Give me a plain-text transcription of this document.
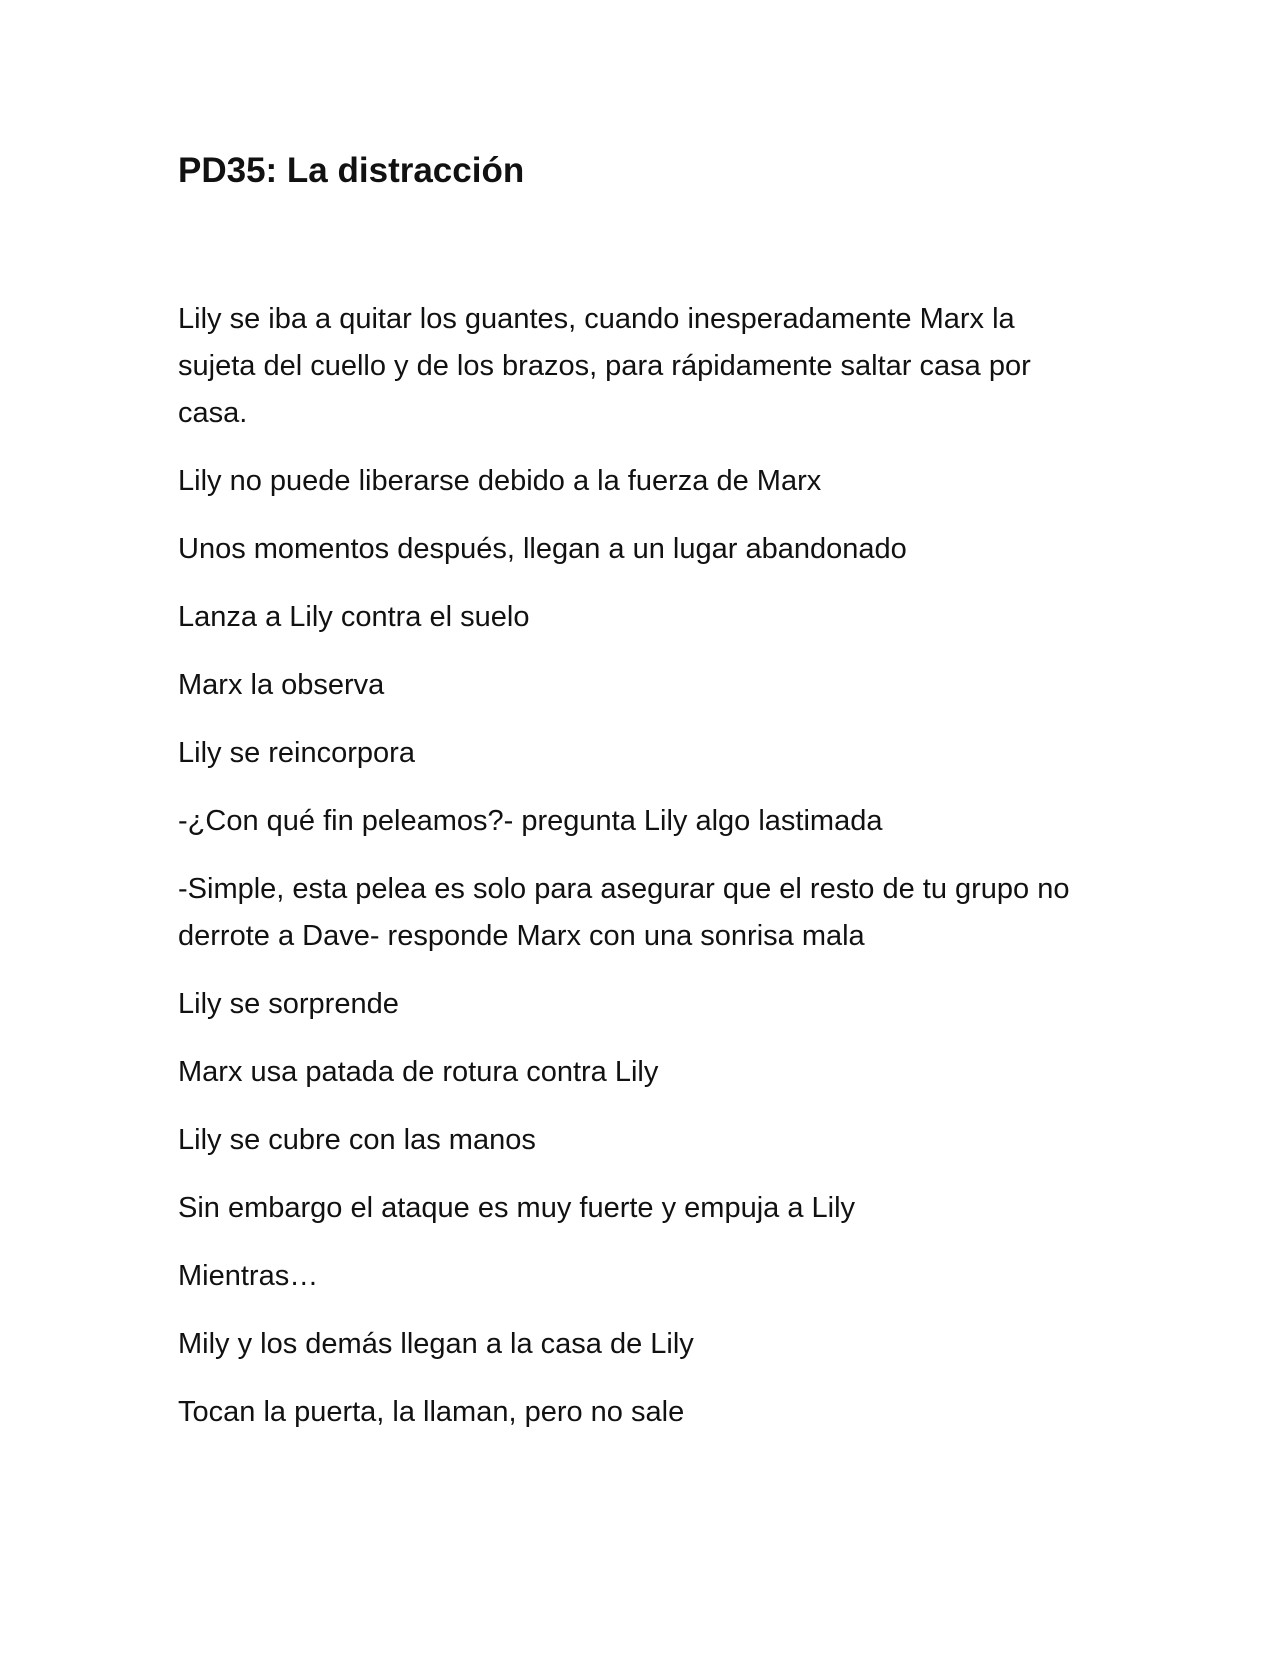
PD35: La distracción

Lily se iba a quitar los guantes, cuando inesperadamente Marx la sujeta del cuello y de los brazos, para rápidamente saltar casa por casa.

Lily no puede liberarse debido a la fuerza de Marx

Unos momentos después, llegan a un lugar abandonado

Lanza a Lily contra el suelo

Marx la observa

Lily se reincorpora

-¿Con qué fin peleamos?- pregunta Lily algo lastimada

-Simple, esta pelea es solo para asegurar que el resto de tu grupo no derrote a Dave- responde Marx con una sonrisa mala

Lily se sorprende

Marx usa patada de rotura contra Lily

Lily se cubre con las manos

Sin embargo el ataque es muy fuerte y empuja a Lily

Mientras…

Mily y los demás llegan a la casa de Lily

Tocan la puerta, la llaman, pero no sale
